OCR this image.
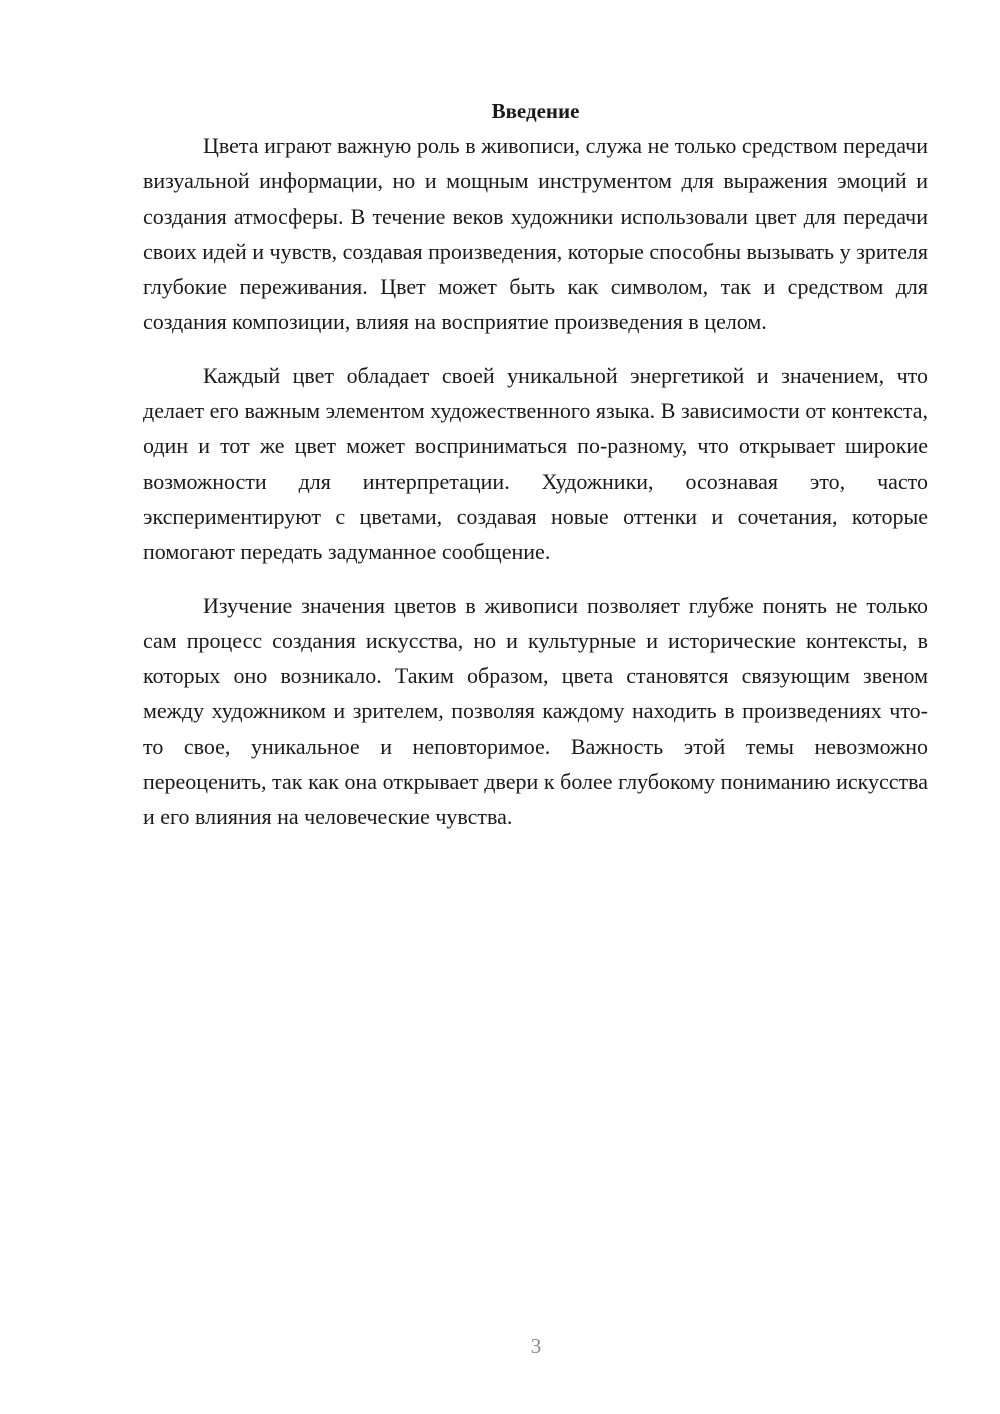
Введение

Цвета играют важную роль в живописи, служа не только средством передачи визуальной информации, но и мощным инструментом для выражения эмоций и создания атмосферы. В течение веков художники использовали цвет для передачи своих идей и чувств, создавая произведения, которые способны вызывать у зрителя глубокие переживания. Цвет может быть как символом, так и средством для создания композиции, влияя на восприятие произведения в целом.

Каждый цвет обладает своей уникальной энергетикой и значением, что делает его важным элементом художественного языка. В зависимости от контекста, один и тот же цвет может восприниматься по-разному, что открывает широкие возможности для интерпретации. Художники, осознавая это, часто экспериментируют с цветами, создавая новые оттенки и сочетания, которые помогают передать задуманное сообщение.

Изучение значения цветов в живописи позволяет глубже понять не только сам процесс создания искусства, но и культурные и исторические контексты, в которых оно возникало. Таким образом, цвета становятся связующим звеном между художником и зрителем, позволяя каждому находить в произведениях что-то свое, уникальное и неповторимое. Важность этой темы невозможно переоценить, так как она открывает двери к более глубокому пониманию искусства и его влияния на человеческие чувства.

3
